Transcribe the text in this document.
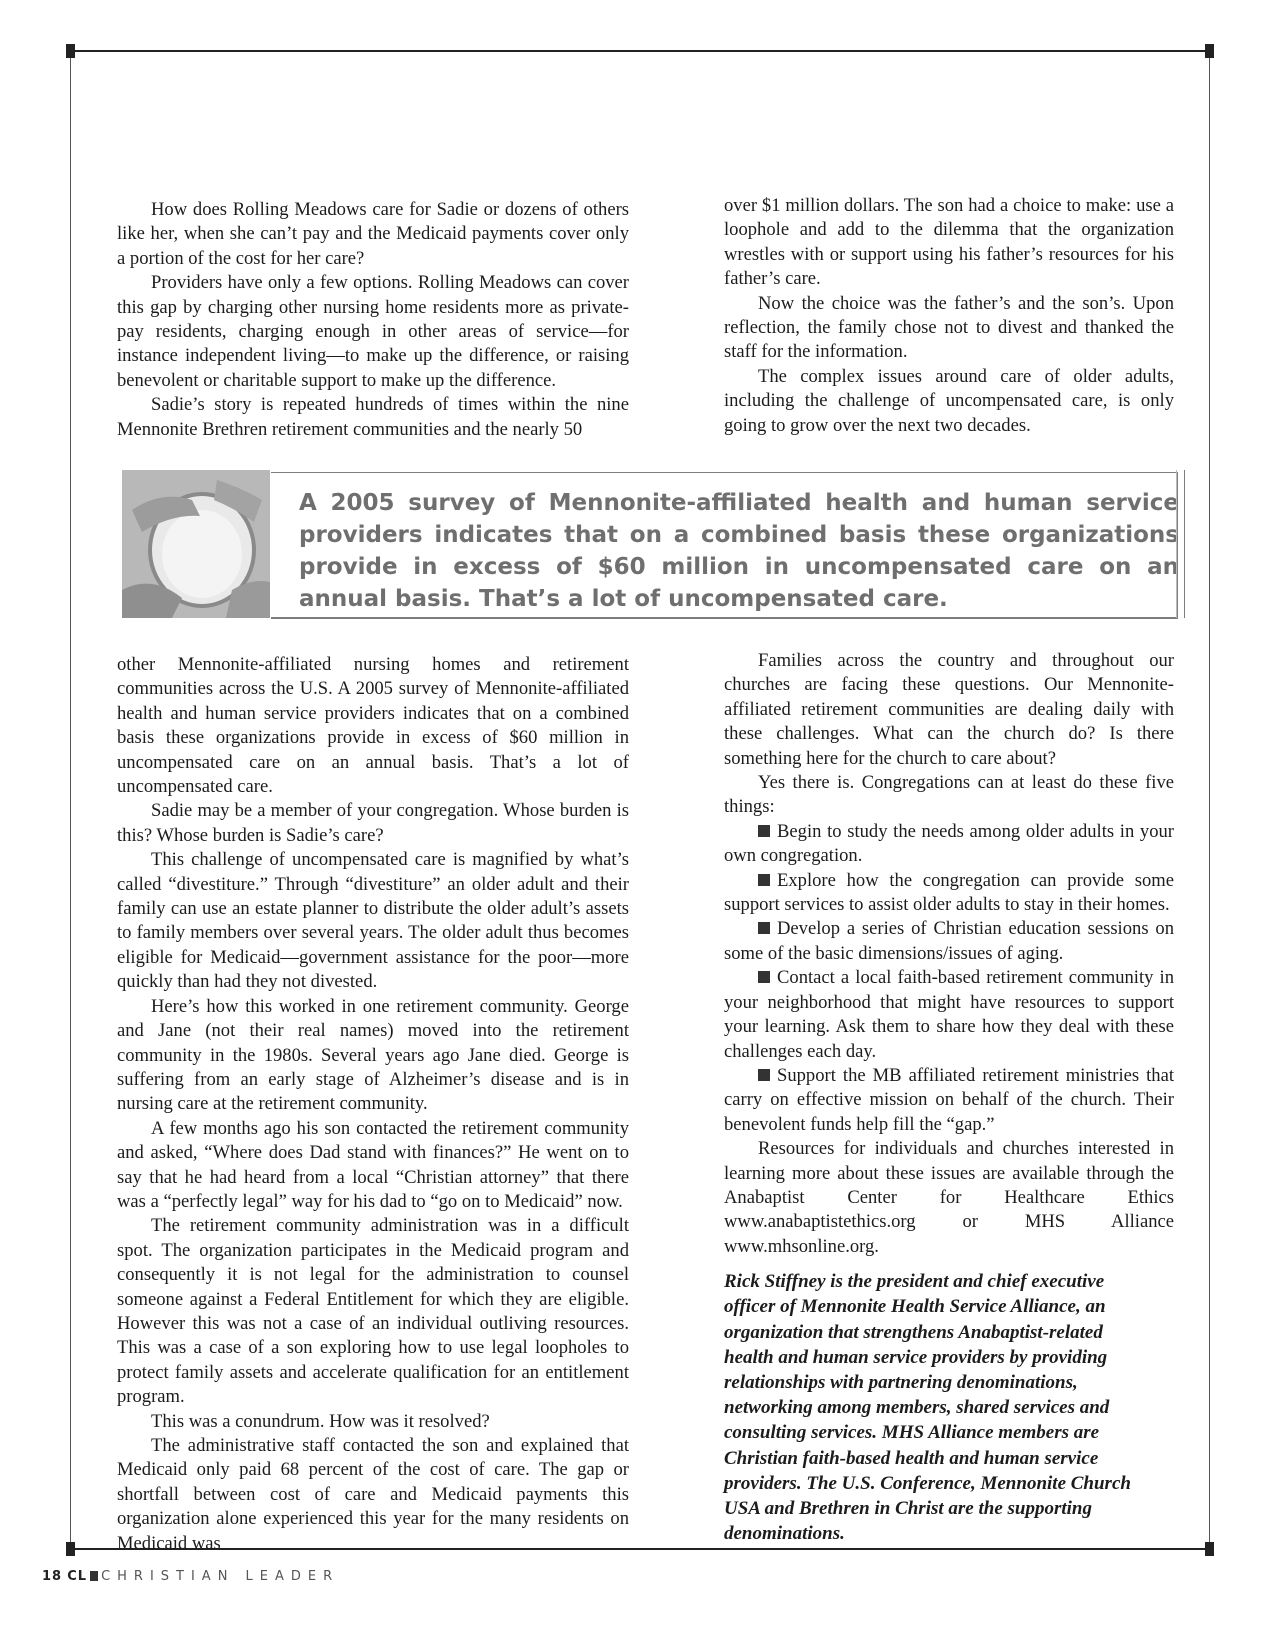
How does Rolling Meadows care for Sadie or dozens of others like her, when she can’t pay and the Medicaid payments cover only a portion of the cost for her care?

Providers have only a few options. Rolling Meadows can cover this gap by charging other nursing home residents more as private-pay residents, charging enough in other areas of service—for instance independent living—to make up the difference, or raising benevolent or charitable support to make up the difference.

Sadie’s story is repeated hundreds of times within the nine Mennonite Brethren retirement communities and the nearly 50

over $1 million dollars. The son had a choice to make: use a loophole and add to the dilemma that the organization wrestles with or support using his father’s resources for his father’s care.

Now the choice was the father’s and the son’s. Upon reflection, the family chose not to divest and thanked the staff for the information.

The complex issues around care of older adults, including the challenge of uncompensated care, is only going to grow over the next two decades.

A 2005 survey of Mennonite-affiliated health and human service providers indicates that on a combined basis these organizations provide in excess of $60 million in uncompensated care on an annual basis. That’s a lot of uncompensated care.

other Mennonite-affiliated nursing homes and retirement communities across the U.S. A 2005 survey of Mennonite-affiliated health and human service providers indicates that on a combined basis these organizations provide in excess of $60 million in uncompensated care on an annual basis. That’s a lot of uncompensated care.

Sadie may be a member of your congregation. Whose burden is this? Whose burden is Sadie’s care?

This challenge of uncompensated care is magnified by what’s called “divestiture.” Through “divestiture” an older adult and their family can use an estate planner to distribute the older adult’s assets to family members over several years. The older adult thus becomes eligible for Medicaid—government assistance for the poor—more quickly than had they not divested.

Here’s how this worked in one retirement community. George and Jane (not their real names) moved into the retirement community in the 1980s. Several years ago Jane died. George is suffering from an early stage of Alzheimer’s disease and is in nursing care at the retirement community.

A few months ago his son contacted the retirement community and asked, “Where does Dad stand with finances?” He went on to say that he had heard from a local “Christian attorney” that there was a “perfectly legal” way for his dad to “go on to Medicaid” now.

The retirement community administration was in a difficult spot. The organization participates in the Medicaid program and consequently it is not legal for the administration to counsel someone against a Federal Entitlement for which they are eligible. However this was not a case of an individual outliving resources. This was a case of a son exploring how to use legal loopholes to protect family assets and accelerate qualification for an entitlement program.

This was a conundrum. How was it resolved?

The administrative staff contacted the son and explained that Medicaid only paid 68 percent of the cost of care. The gap or shortfall between cost of care and Medicaid payments this organization alone experienced this year for the many residents on Medicaid was

Families across the country and throughout our churches are facing these questions. Our Mennonite-affiliated retirement communities are dealing daily with these challenges. What can the church do? Is there something here for the church to care about?

Yes there is. Congregations can at least do these five things:

Begin to study the needs among older adults in your own congregation.

Explore how the congregation can provide some support services to assist older adults to stay in their homes.

Develop a series of Christian education sessions on some of the basic dimensions/issues of aging.

Contact a local faith-based retirement community in your neighborhood that might have resources to support your learning. Ask them to share how they deal with these challenges each day.

Support the MB affiliated retirement ministries that carry on effective mission on behalf of the church. Their benevolent funds help fill the “gap.”

Resources for individuals and churches interested in learning more about these issues are available through the Anabaptist Center for Healthcare Ethics www.anabaptistethics.org or MHS Alliance www.mhsonline.org.

Rick Stiffney is the president and chief executive officer of Mennonite Health Service Alliance, an organization that strengthens Anabaptist-related health and human service providers by providing relationships with partnering denominations, networking among members, shared services and consulting services. MHS Alliance members are Christian faith-based health and human service providers. The U.S. Conference, Mennonite Church USA and Brethren in Christ are the supporting denominations.

18 CL CHRISTIAN LEADER
